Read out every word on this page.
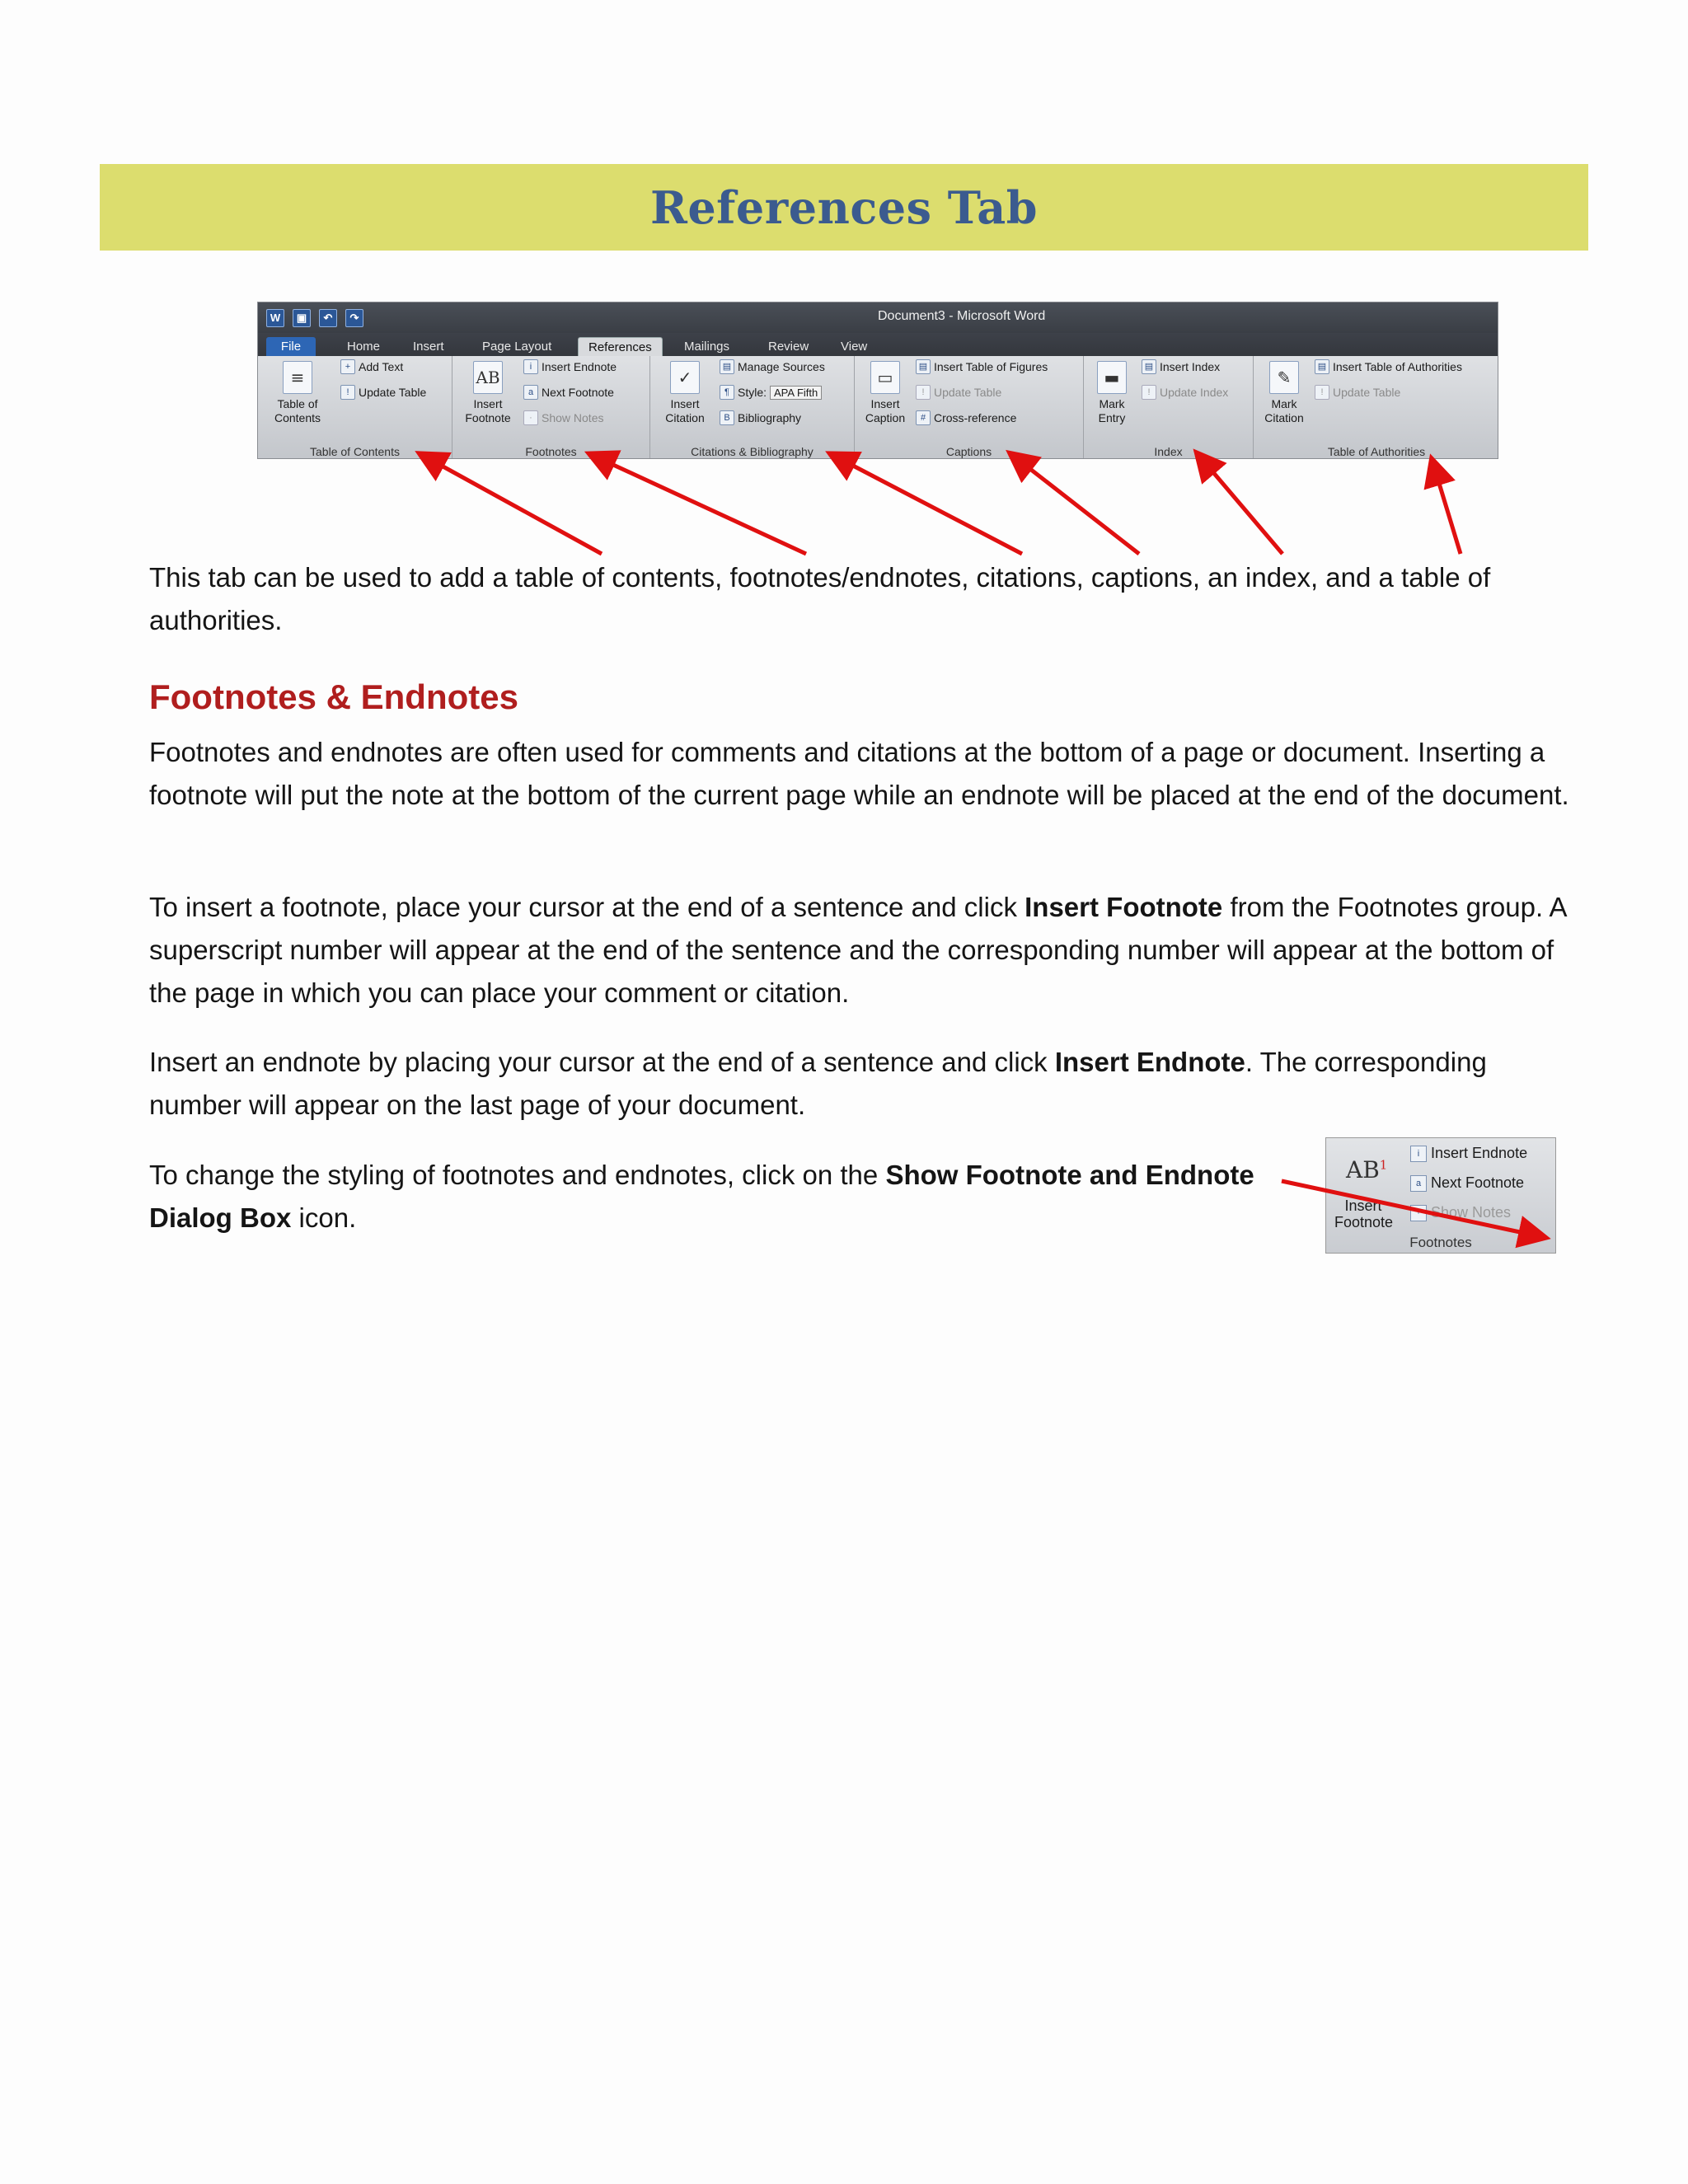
References Tab
W	▣	↶	↷	Document3 - Microsoft Word
File	Home	Insert	Page Layout	References	Mailings	Review	View
≡
Table of Contents
+ Add Text
! Update Table
Table of Contents
AB
Insert Footnote
i Insert Endnote
a Next Footnote
· Show Notes
Footnotes
✓
Insert Citation
▤ Manage Sources
¶ Style: APA Fifth
B Bibliography
Citations & Bibliography
▭
Insert Caption
▤ Insert Table of Figures
! Update Table
# Cross-reference
Captions
▬
Mark Entry
▤ Insert Index
! Update Index
Index
✎
Mark Citation
▤ Insert Table of Authorities
! Update Table
Table of Authorities

This tab can be used to add a table of contents, footnotes/endnotes, citations, captions, an index, and a table of authorities.

Footnotes & Endnotes

Footnotes and endnotes are often used for comments and citations at the bottom of a page or document. Inserting a footnote will put the note at the bottom of the current page while an endnote will be placed at the end of the document.

To insert a footnote, place your cursor at the end of a sentence and click Insert Footnote from the Footnotes group. A superscript number will appear at the end of the sentence and the corresponding number will appear at the bottom of the page in which you can place your comment or citation.

Insert an endnote by placing your cursor at the end of a sentence and click Insert Endnote. The corresponding number will appear on the last page of your document.

To change the styling of footnotes and endnotes, click on the Show Footnote and Endnote Dialog Box icon.

$AB^1$
Insert Footnote
i Insert Endnote
a Next Footnote
· Show Notes
Footnotes
